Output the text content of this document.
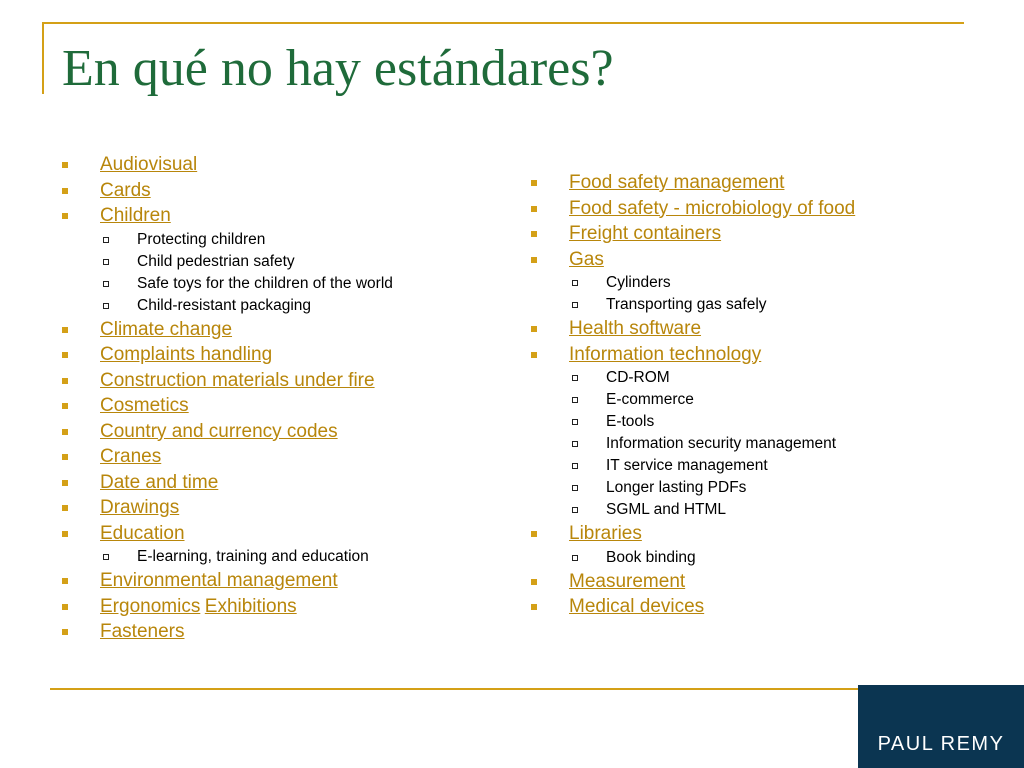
En qué no hay estándares?
Audiovisual
Cards
Children
Protecting children
Child pedestrian safety
Safe toys for the children of the world
Child-resistant packaging
Climate change
Complaints handling
Construction materials under fire
Cosmetics
Country and currency codes
Cranes
Date and time
Drawings
Education
E-learning, training and education
Environmental management
Ergonomics Exhibitions
Fasteners
Food safety management
Food safety - microbiology of food
Freight containers
Gas
Cylinders
Transporting gas safely
Health software
Information technology
CD-ROM
E-commerce
E-tools
Information security management
IT service management
Longer lasting PDFs
SGML and HTML
Libraries
Book binding
Measurement
Medical devices
PAUL REMY
